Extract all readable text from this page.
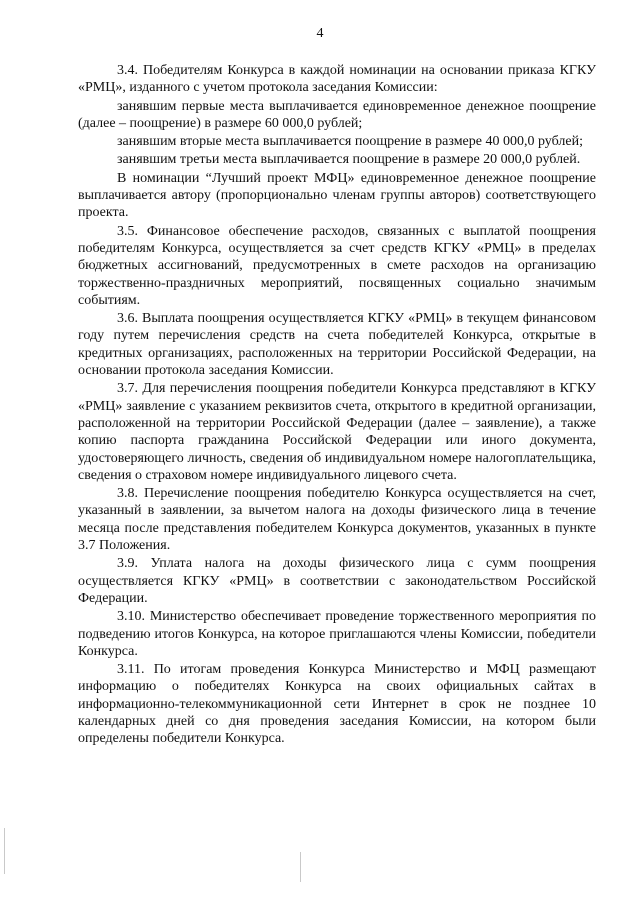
4

3.4. Победителям Конкурса в каждой номинации на основании приказа КГКУ «РМЦ», изданного с учетом протокола заседания Комиссии:

занявшим первые места выплачивается единовременное денежное поощрение (далее – поощрение) в размере 60 000,0 рублей;

занявшим вторые места выплачивается поощрение в размере 40 000,0 рублей;

занявшим третьи места выплачивается поощрение в размере 20 000,0 рублей.

В номинации “Лучший проект МФЦ» единовременное денежное поощрение выплачивается автору (пропорционально членам группы авторов) соответствующего проекта.

3.5. Финансовое обеспечение расходов, связанных с выплатой поощрения победителям Конкурса, осуществляется за счет средств КГКУ «РМЦ» в пределах бюджетных ассигнований, предусмотренных в смете расходов на организацию торжественно-праздничных мероприятий, посвященных социально значимым событиям.

3.6. Выплата поощрения осуществляется КГКУ «РМЦ» в текущем финансовом году путем перечисления средств на счета победителей Конкурса, открытые в кредитных организациях, расположенных на территории Российской Федерации, на основании протокола заседания Комиссии.

3.7. Для перечисления поощрения победители Конкурса представляют в КГКУ «РМЦ» заявление с указанием реквизитов счета, открытого в кредитной организации, расположенной на территории Российской Федерации (далее – заявление), а также копию паспорта гражданина Российской Федерации или иного документа, удостоверяющего личность, сведения об индивидуальном номере налогоплательщика, сведения о страховом номере индивидуального лицевого счета.

3.8. Перечисление поощрения победителю Конкурса осуществляется на счет, указанный в заявлении, за вычетом налога на доходы физического лица в течение месяца после представления победителем Конкурса документов, указанных в пункте 3.7 Положения.

3.9. Уплата налога на доходы физического лица с сумм поощрения осуществляется КГКУ «РМЦ» в соответствии с законодательством Российской Федерации.

3.10. Министерство обеспечивает проведение торжественного мероприятия по подведению итогов Конкурса, на которое приглашаются члены Комиссии, победители Конкурса.

3.11. По итогам проведения Конкурса Министерство и МФЦ размещают информацию о победителях Конкурса на своих официальных сайтах в информационно-телекоммуникационной сети Интернет в срок не позднее 10 календарных дней со дня проведения заседания Комиссии, на котором были определены победители Конкурса.
